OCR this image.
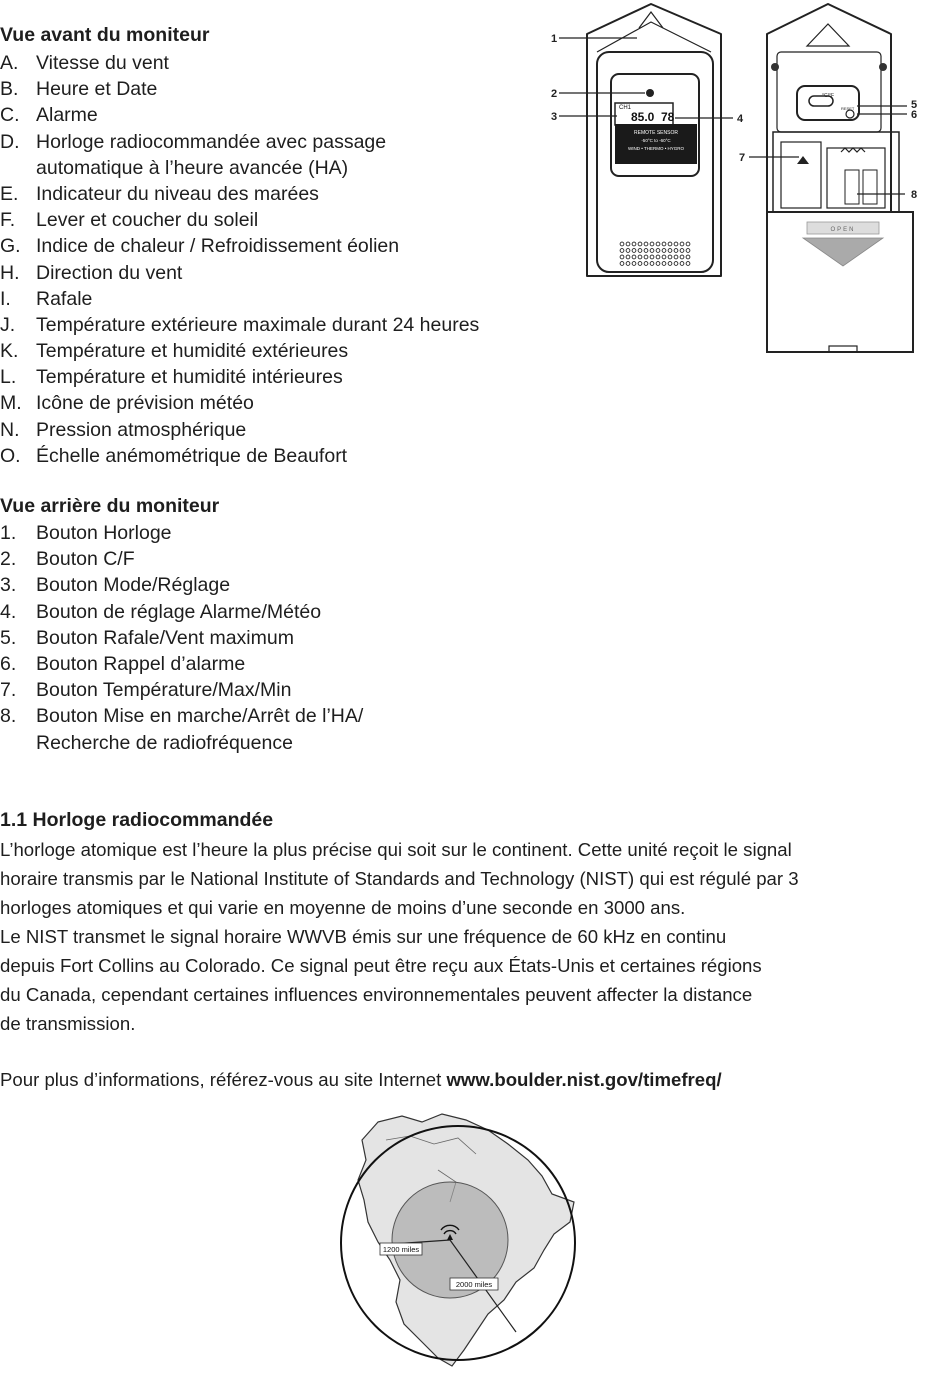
Vue avant du moniteur
A. Vitesse du vent
B. Heure et Date
C. Alarme
D. Horloge radiocommandée avec passage automatique à l’heure avancée (HA)
E. Indicateur du niveau des marées
F. Lever et coucher du soleil
G. Indice de chaleur / Refroidissement éolien
H. Direction du vent
I. Rafale
J. Température extérieure maximale durant 24 heures
K. Température et humidité extérieures
L. Température et humidité intérieures
M. Icône de prévision météo
N. Pression atmosphérique
O. Échelle anémométrique de Beaufort
Vue arrière du moniteur
1. Bouton Horloge
2. Bouton C/F
3. Bouton Mode/Réglage
4. Bouton de réglage Alarme/Météo
5. Bouton Rafale/Vent maximum
6. Bouton Rappel d’alarme
7. Bouton Température/Max/Min
8. Bouton Mise en marche/Arrêt de l’HA/ Recherche de radiofréquence
1.1 Horloge radiocommandée
L’horloge atomique est l’heure la plus précise qui soit sur le continent. Cette unité reçoit le signal
horaire transmis par le National Institute of Standards and Technology (NIST) qui est régulé par 3
horloges atomiques et qui varie en moyenne de moins d’une seconde en 3000 ans.
Le NIST transmet le signal horaire WWVB émis sur une fréquence de 60 kHz en continu
depuis Fort Collins au Colorado. Ce signal peut être reçu aux États-Unis et certaines régions
du Canada, cependant certaines influences environnementales peuvent affecter la distance
de transmission.
Pour plus d’informations, référez-vous au site Internet www.boulder.nist.gov/timefreq/
CH1
85.0 78
REMOTE SENSOR
-50°C to -60°C
WIND • THERMO • HYGRO
°C/°F
RESET
OPEN
1
2
3	4
5
6
7
8
1200 miles
2000 miles
